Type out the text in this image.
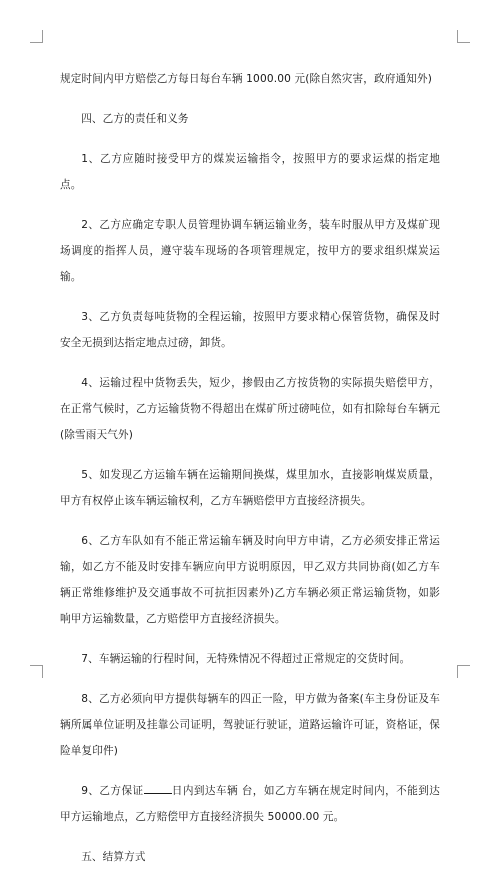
规定时间内甲方赔偿乙方每日每台车辆 1000.00 元(除自然灾害，政府通知外)

四、乙方的责任和义务

1、乙方应随时接受甲方的煤炭运输指令，按照甲方的要求运煤的指定地点。

2、乙方应确定专职人员管理协调车辆运输业务，装车时服从甲方及煤矿现场调度的指挥人员，遵守装车现场的各项管理规定，按甲方的要求组织煤炭运输。

3、乙方负责每吨货物的全程运输，按照甲方要求精心保管货物，确保及时安全无损到达指定地点过磅，卸货。

4、运输过程中货物丢失，短少，掺假由乙方按货物的实际损失赔偿甲方，在正常气候时，乙方运输货物不得超出在煤矿所过磅吨位，如有扣除每台车辆元(除雪雨天气外)

5、如发现乙方运输车辆在运输期间换煤，煤里加水，直接影响煤炭质量，甲方有权停止该车辆运输权利，乙方车辆赔偿甲方直接经济损失。

6、乙方车队如有不能正常运输车辆及时向甲方申请，乙方必须安排正常运输，如乙方不能及时安排车辆应向甲方说明原因，甲乙双方共同协商(如乙方车辆正常维修维护及交通事故不可抗拒因素外)乙方车辆必须正常运输货物，如影响甲方运输数量，乙方赔偿甲方直接经济损失。

7、车辆运输的行程时间，无特殊情况不得超过正常规定的交货时间。

8、乙方必须向甲方提供每辆车的四正一险，甲方做为备案(车主身份证及车辆所属单位证明及挂靠公司证明，驾驶证行驶证，道路运输许可证，资格证，保险单复印件)

9、乙方保证	日内到达车辆 台，如乙方车辆在规定时间内，不能到达甲方运输地点，乙方赔偿甲方直接经济损失 50000.00 元。

五、结算方式
